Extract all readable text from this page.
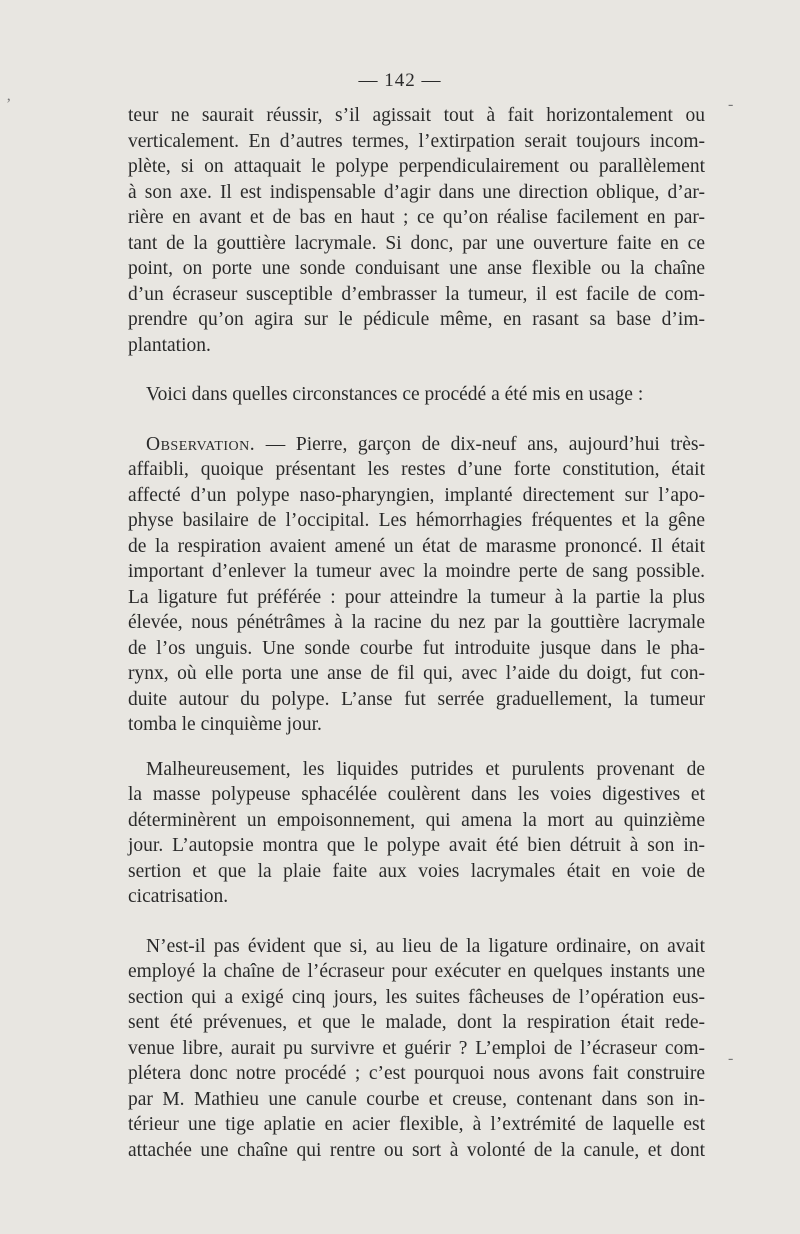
— 142 —
teur ne saurait réussir, s’il agissait tout à fait horizontalement ou
verticalement. En d’autres termes, l’extirpation serait toujours incom-
plète, si on attaquait le polype perpendiculairement ou parallèlement
à son axe. Il est indispensable d’agir dans une direction oblique, d’ar-
rière en avant et de bas en haut ; ce qu’on réalise facilement en par-
tant de la gouttière lacrymale. Si donc, par une ouverture faite en ce
point, on porte une sonde conduisant une anse flexible ou la chaîne
d’un écraseur susceptible d’embrasser la tumeur, il est facile de com-
prendre qu’on agira sur le pédicule même, en rasant sa base d’im-
plantation.
Voici dans quelles circonstances ce procédé a été mis en usage :
Observation. — Pierre, garçon de dix-neuf ans, aujourd’hui très-
affaibli, quoique présentant les restes d’une forte constitution, était
affecté d’un polype naso-pharyngien, implanté directement sur l’apo-
physe basilaire de l’occipital. Les hémorrhagies fréquentes et la gêne
de la respiration avaient amené un état de marasme prononcé. Il était
important d’enlever la tumeur avec la moindre perte de sang possible.
La ligature fut préférée : pour atteindre la tumeur à la partie la plus
élevée, nous pénétrâmes à la racine du nez par la gouttière lacrymale
de l’os unguis. Une sonde courbe fut introduite jusque dans le pha-
rynx, où elle porta une anse de fil qui, avec l’aide du doigt, fut con-
duite autour du polype. L’anse fut serrée graduellement, la tumeur
tomba le cinquième jour.
Malheureusement, les liquides putrides et purulents provenant de
la masse polypeuse sphacélée coulèrent dans les voies digestives et
déterminèrent un empoisonnement, qui amena la mort au quinzième
jour. L’autopsie montra que le polype avait été bien détruit à son in-
sertion et que la plaie faite aux voies lacrymales était en voie de
cicatrisation.
N’est-il pas évident que si, au lieu de la ligature ordinaire, on avait
employé la chaîne de l’écraseur pour exécuter en quelques instants une
section qui a exigé cinq jours, les suites fâcheuses de l’opération eus-
sent été prévenues, et que le malade, dont la respiration était rede-
venue libre, aurait pu survivre et guérir ? L’emploi de l’écraseur com-
plétera donc notre procédé ; c’est pourquoi nous avons fait construire
par M. Mathieu une canule courbe et creuse, contenant dans son in-
térieur une tige aplatie en acier flexible, à l’extrémité de laquelle est
attachée une chaîne qui rentre ou sort à volonté de la canule, et dont
ʼ	-
-
